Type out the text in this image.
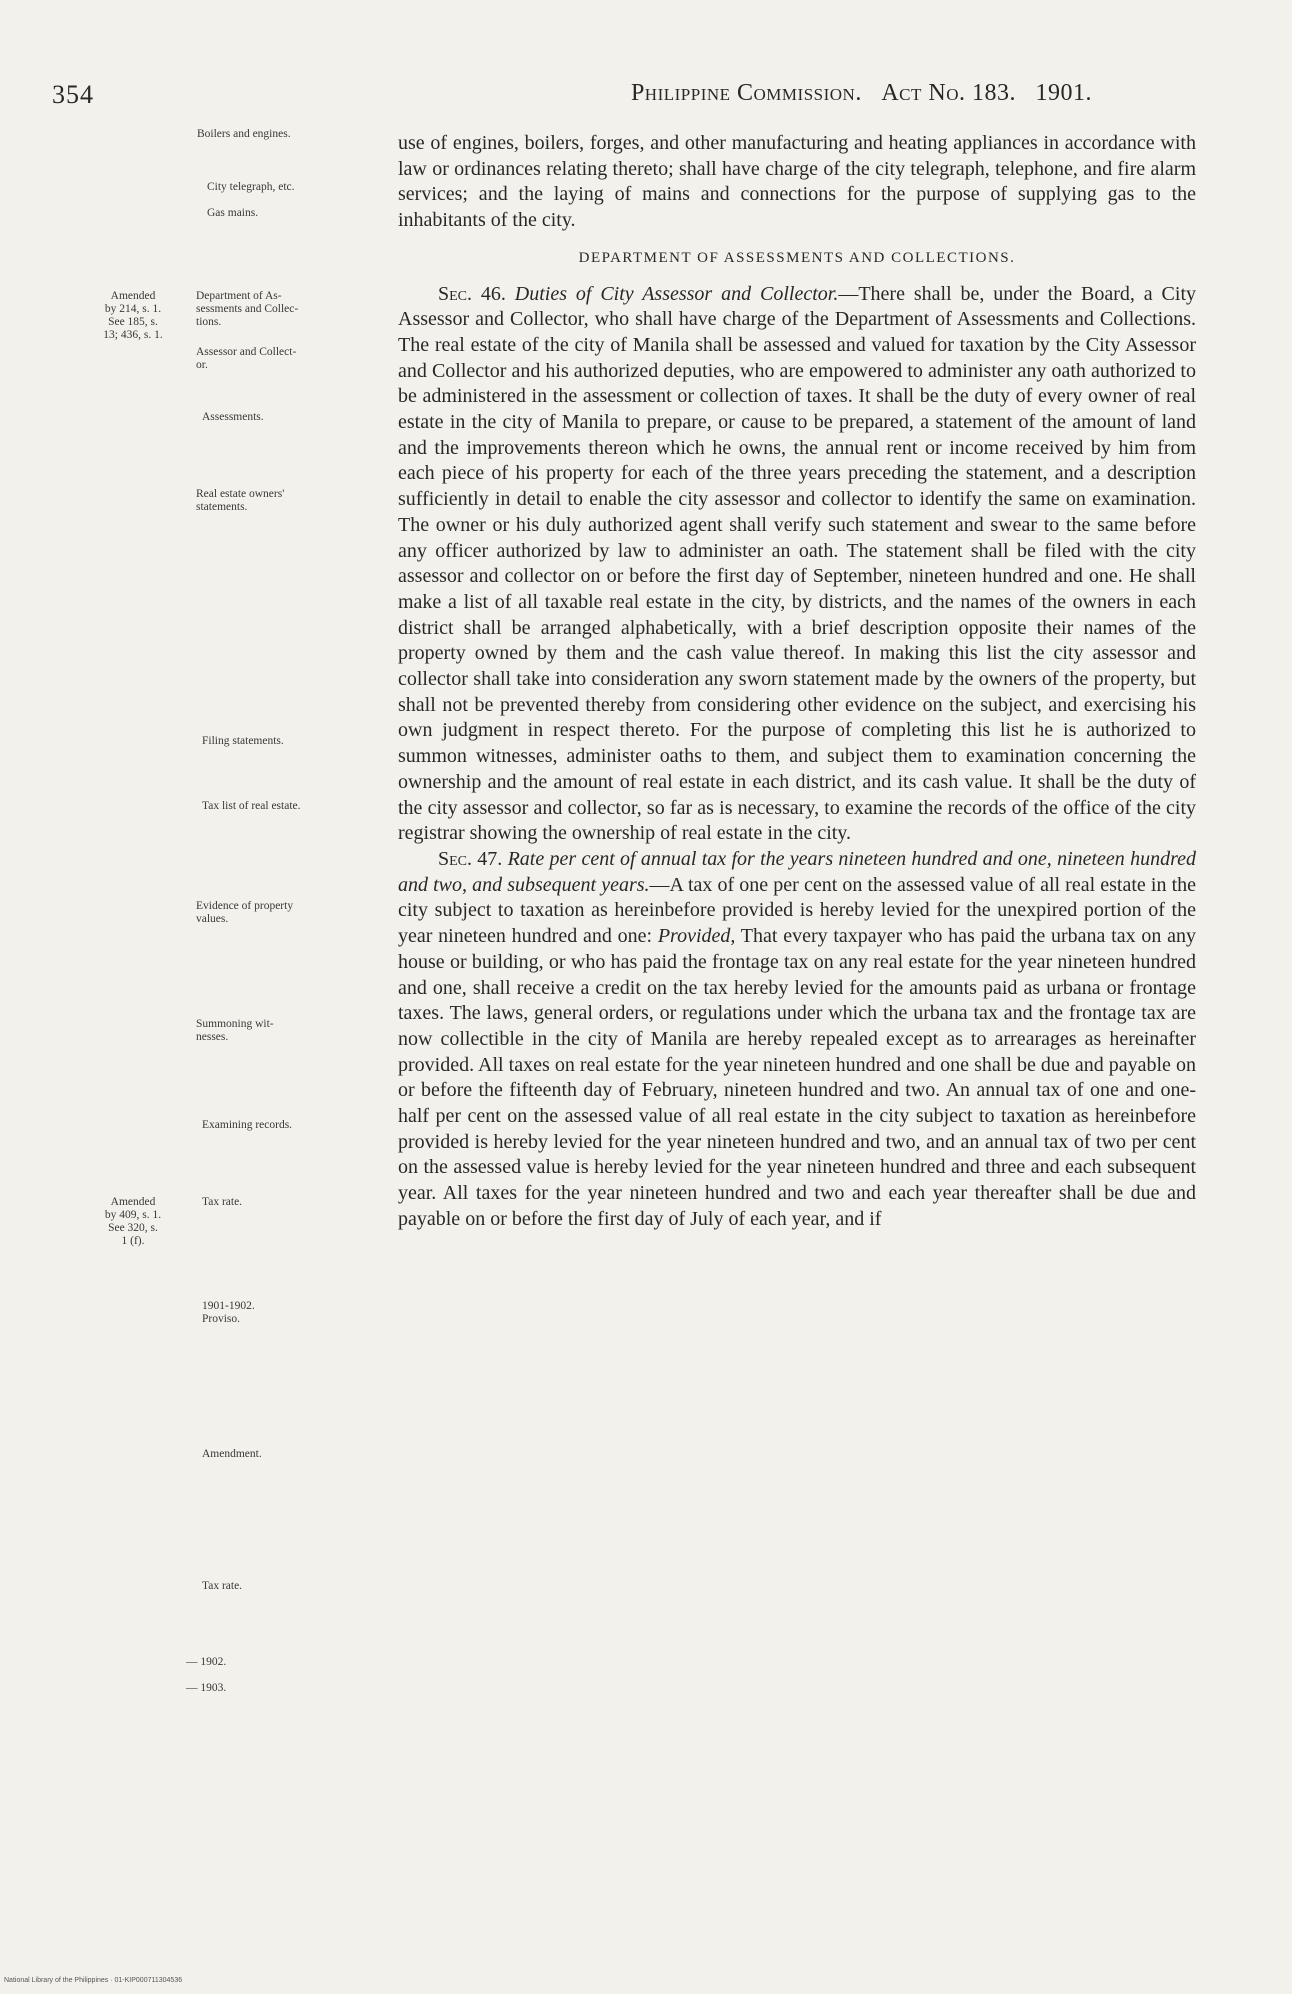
354	Philippine Commission. Act No. 183. 1901.
Boilers and engines.
City telegraph, etc.
Gas mains.
Amended
by 214, s. 1.
See 185, s.
13; 436, s. 1.
Department of As-
sessments and Collec-
tions.
Assessor and Collect-
or.
Assessments.
Real estate owners'
statements.
Filing statements.
Tax list of real estate.
Evidence of property
values.
Summoning wit-
nesses.
Examining records.
Amended
by 409, s. 1.
See 320, s.
1 (f).
Tax rate.
1901-1902.
Proviso.
Amendment.
Tax rate.
— 1902.
— 1903.

use of engines, boilers, forges, and other manufacturing and heating appliances in accordance with law or ordinances relating thereto; shall have charge of the city telegraph, telephone, and fire alarm services; and the laying of mains and connections for the purpose of supplying gas to the inhabitants of the city.

DEPARTMENT OF ASSESSMENTS AND COLLECTIONS.

Sec. 46. Duties of City Assessor and Collector.—There shall be, under the Board, a City Assessor and Collector, who shall have charge of the Department of Assessments and Collections. The real estate of the city of Manila shall be assessed and valued for taxation by the City Assessor and Collector and his authorized deputies, who are empowered to administer any oath authorized to be administered in the assessment or collection of taxes. It shall be the duty of every owner of real estate in the city of Manila to prepare, or cause to be prepared, a statement of the amount of land and the improvements thereon which he owns, the annual rent or income received by him from each piece of his property for each of the three years preceding the statement, and a description sufficiently in detail to enable the city assessor and collector to identify the same on examination. The owner or his duly authorized agent shall verify such statement and swear to the same before any officer authorized by law to administer an oath. The statement shall be filed with the city assessor and collector on or before the first day of September, nineteen hundred and one. He shall make a list of all taxable real estate in the city, by districts, and the names of the owners in each district shall be arranged alphabetically, with a brief description opposite their names of the property owned by them and the cash value thereof. In making this list the city assessor and collector shall take into consideration any sworn statement made by the owners of the property, but shall not be prevented thereby from considering other evidence on the subject, and exercising his own judgment in respect thereto. For the purpose of completing this list he is authorized to summon witnesses, administer oaths to them, and subject them to examination concerning the ownership and the amount of real estate in each district, and its cash value. It shall be the duty of the city assessor and collector, so far as is necessary, to examine the records of the office of the city registrar showing the ownership of real estate in the city.

Sec. 47. Rate per cent of annual tax for the years nineteen hundred and one, nineteen hundred and two, and subsequent years.—A tax of one per cent on the assessed value of all real estate in the city subject to taxation as hereinbefore provided is hereby levied for the unexpired portion of the year nineteen hundred and one: Provided, That every taxpayer who has paid the urbana tax on any house or building, or who has paid the frontage tax on any real estate for the year nineteen hundred and one, shall receive a credit on the tax hereby levied for the amounts paid as urbana or frontage taxes. The laws, general orders, or regulations under which the urbana tax and the frontage tax are now collectible in the city of Manila are hereby repealed except as to arrearages as hereinafter provided. All taxes on real estate for the year nineteen hundred and one shall be due and payable on or before the fifteenth day of February, nineteen hundred and two. An annual tax of one and one-half per cent on the assessed value of all real estate in the city subject to taxation as hereinbefore provided is hereby levied for the year nineteen hundred and two, and an annual tax of two per cent on the assessed value is hereby levied for the year nineteen hundred and three and each subsequent year. All taxes for the year nineteen hundred and two and each year thereafter shall be due and payable on or before the first day of July of each year, and if

National Library of the Philippines · 01-KIP000711304536
